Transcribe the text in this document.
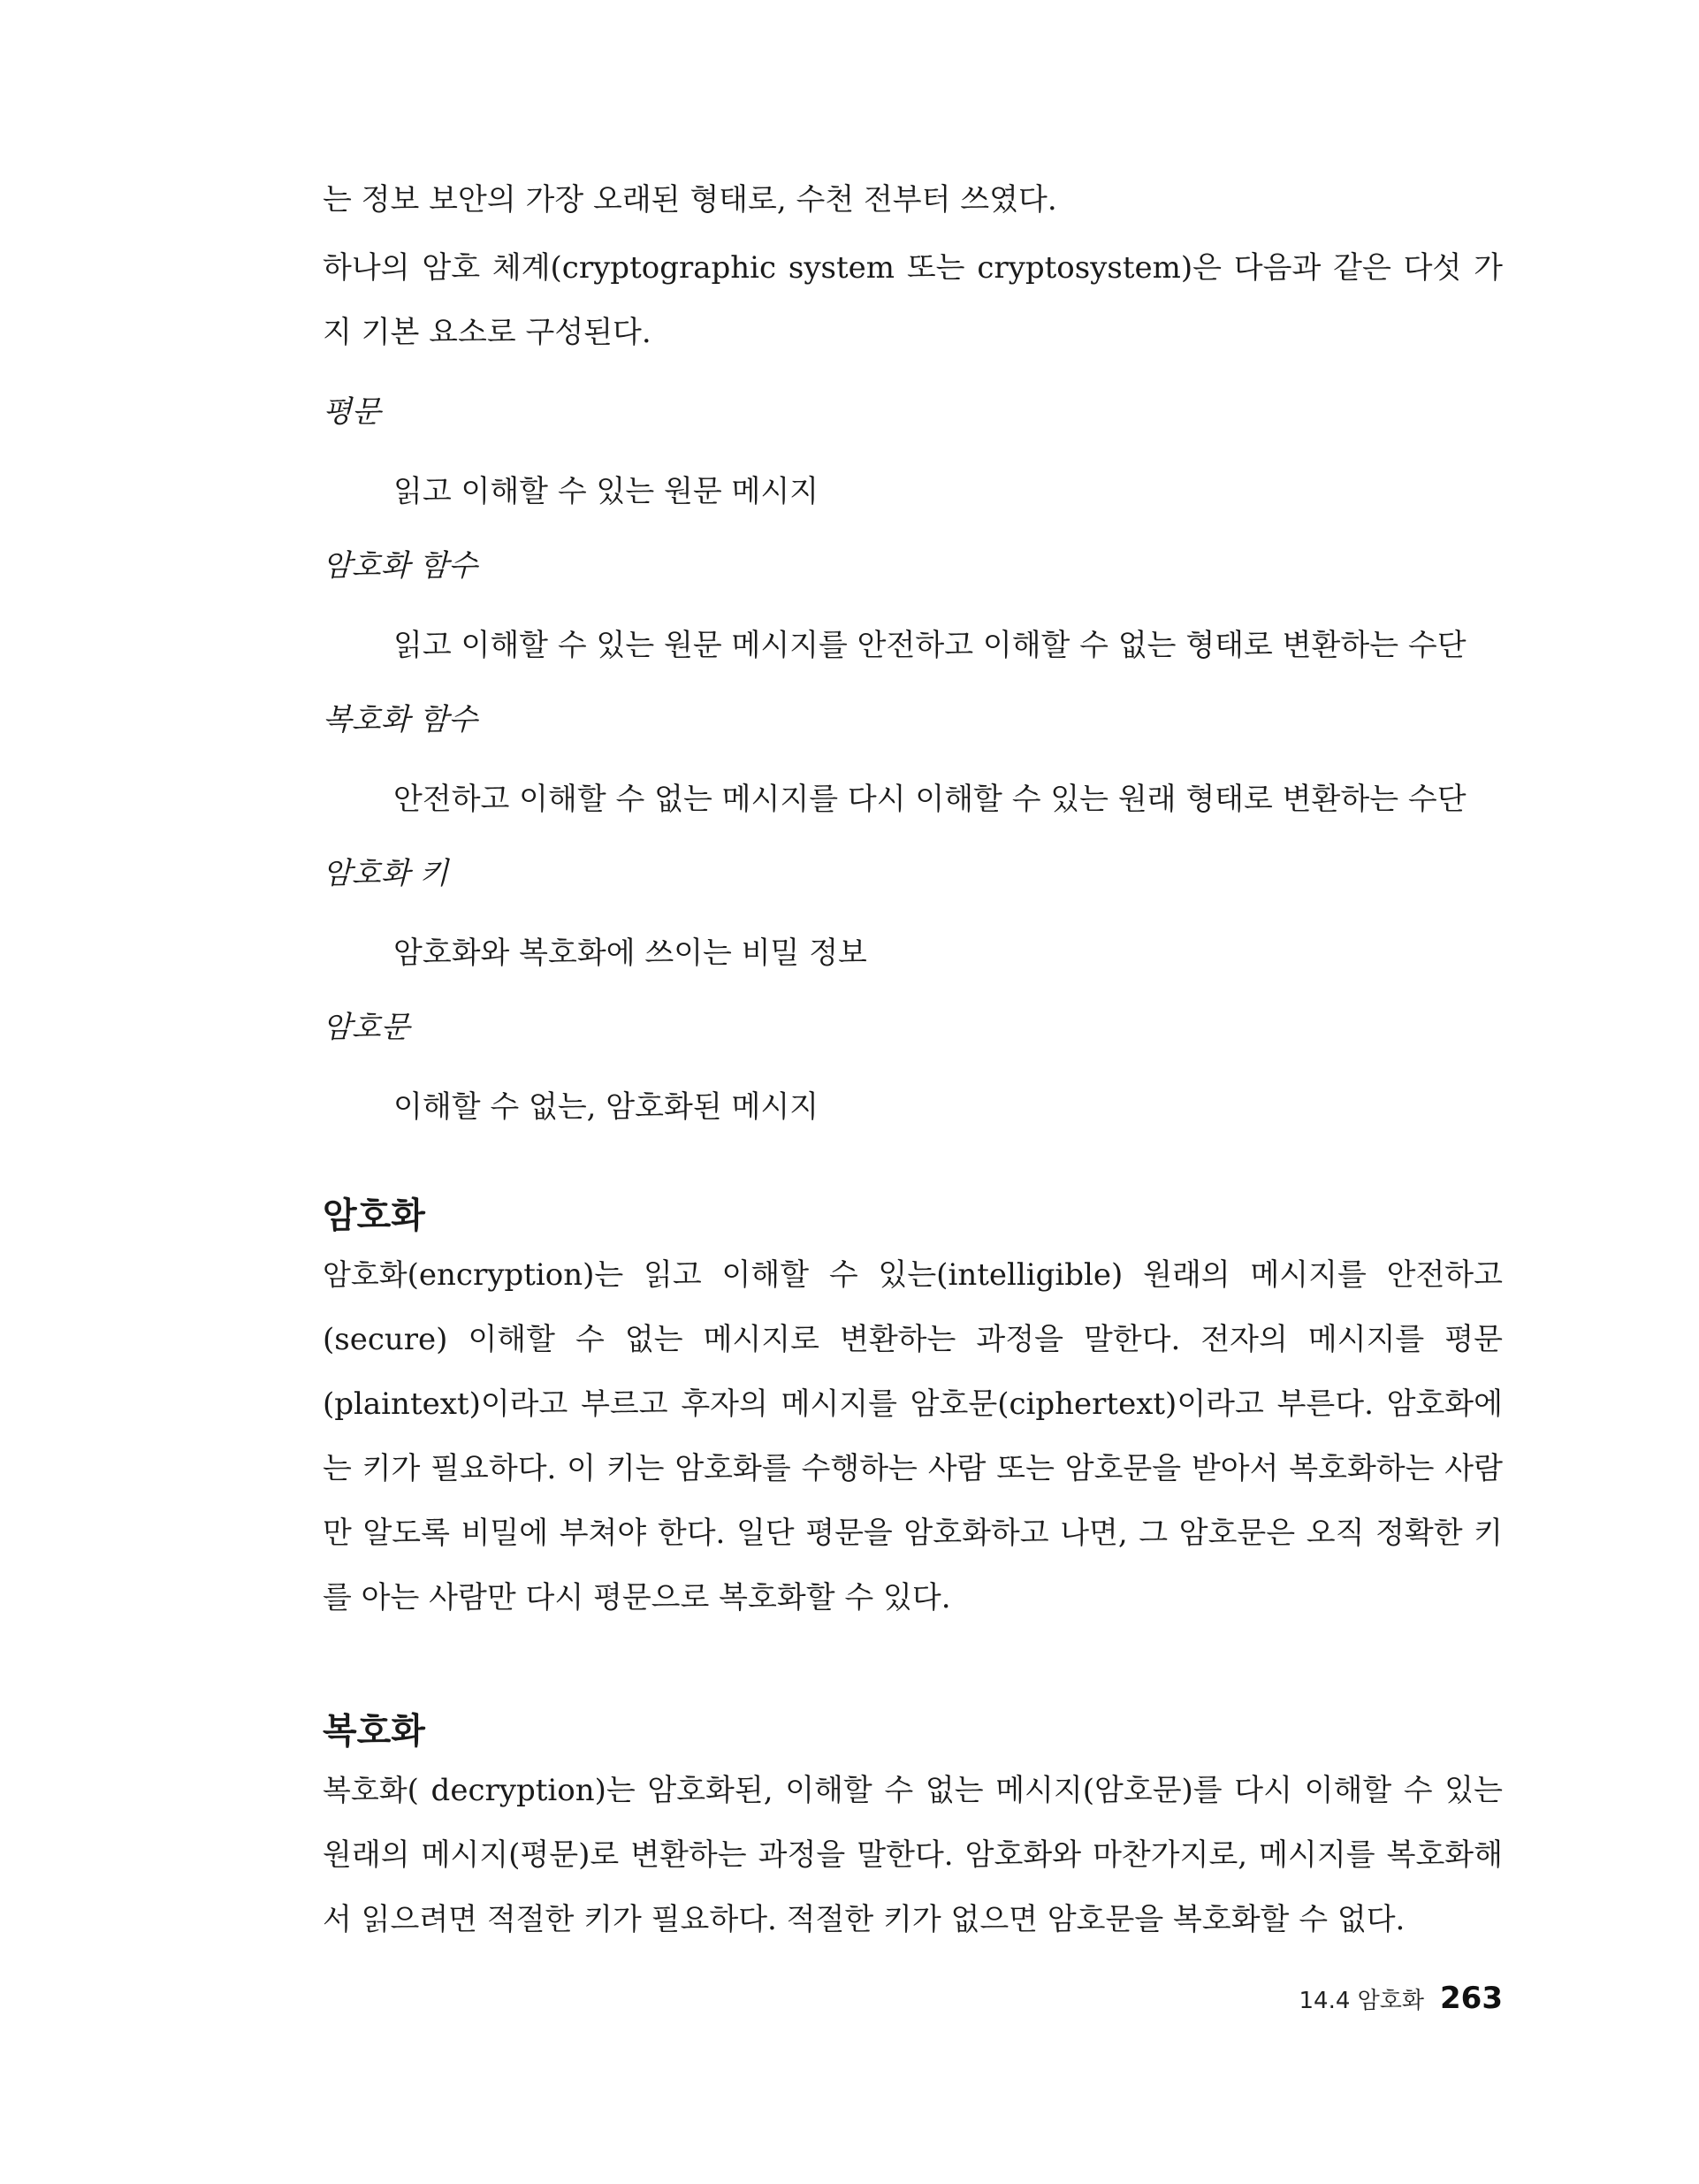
는 정보 보안의 가장 오래된 형태로, 수천 전부터 쓰였다.

하나의 암호 체계(cryptographic system 또는 cryptosystem)은 다음과 같은 다섯 가지 기본 요소로 구성된다.

평문

읽고 이해할 수 있는 원문 메시지

암호화 함수

읽고 이해할 수 있는 원문 메시지를 안전하고 이해할 수 없는 형태로 변환하는 수단

복호화 함수

안전하고 이해할 수 없는 메시지를 다시 이해할 수 있는 원래 형태로 변환하는 수단

암호화 키

암호화와 복호화에 쓰이는 비밀 정보

암호문

이해할 수 없는, 암호화된 메시지

암호화

암호화(encryption)는 읽고 이해할 수 있는(intelligible) 원래의 메시지를 안전하고(secure) 이해할 수 없는 메시지로 변환하는 과정을 말한다. 전자의 메시지를 평문(plaintext)이라고 부르고 후자의 메시지를 암호문(ciphertext)이라고 부른다. 암호화에는 키가 필요하다. 이 키는 암호화를 수행하는 사람 또는 암호문을 받아서 복호화하는 사람만 알도록 비밀에 부쳐야 한다. 일단 평문을 암호화하고 나면, 그 암호문은 오직 정확한 키를 아는 사람만 다시 평문으로 복호화할 수 있다.

복호화

복호화( decryption)는 암호화된, 이해할 수 없는 메시지(암호문)를 다시 이해할 수 있는 원래의 메시지(평문)로 변환하는 과정을 말한다. 암호화와 마찬가지로, 메시지를 복호화해서 읽으려면 적절한 키가 필요하다. 적절한 키가 없으면 암호문을 복호화할 수 없다.

14.4 암호화 263
